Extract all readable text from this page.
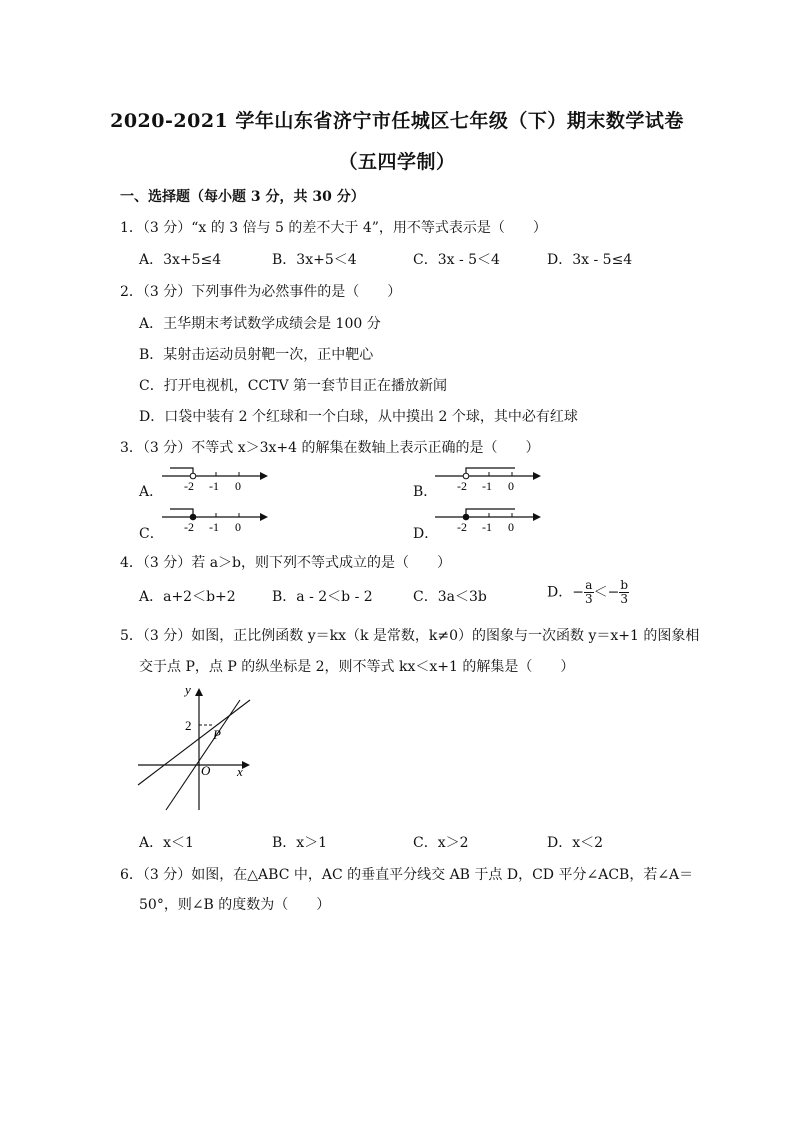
2020-2021 学年山东省济宁市任城区七年级（下）期末数学试卷
（五四学制）
一、选择题（每小题 3 分，共 30 分）
1．（3 分）“x 的 3 倍与 5 的差不大于 4”，用不等式表示是（　　）
A．3x+5≤4	B．3x+5＜4	C．3x - 5＜4	D．3x - 5≤4
2．（3 分）下列事件为必然事件的是（　　）
A．王华期末考试数学成绩会是 100 分
B．某射击运动员射靶一次，正中靶心
C．打开电视机，CCTV 第一套节目正在播放新闻
D．口袋中装有 2 个红球和一个白球，从中摸出 2 个球，其中必有红球
3．（3 分）不等式 x＞3x+4 的解集在数轴上表示正确的是（　　）
A． -2 -1 0	B． -2 -1 0
C． -2 -1 0	D． -2 -1 0
4．（3 分）若 a＞b，则下列不等式成立的是（　　）
A．a+2＜b+2	B．a - 2＜b - 2	C．3a＜3b	D．− $\frac{a}{3} <- \frac{b}{3}$
5．（3 分）如图，正比例函数 y＝kx（k 是常数，k≠0）的图象与一次函数 y＝x+1 的图象相
交于点 P，点 P 的纵坐标是 2，则不等式 kx＜x+1 的解集是（　　）
y
x
O
2
P
A．x＜1	B．x＞1	C．x＞2	D．x＜2
6．（3 分）如图，在△ABC 中，AC 的垂直平分线交 AB 于点 D，CD 平分∠ACB，若∠A＝
50°，则∠B 的度数为（　　）
